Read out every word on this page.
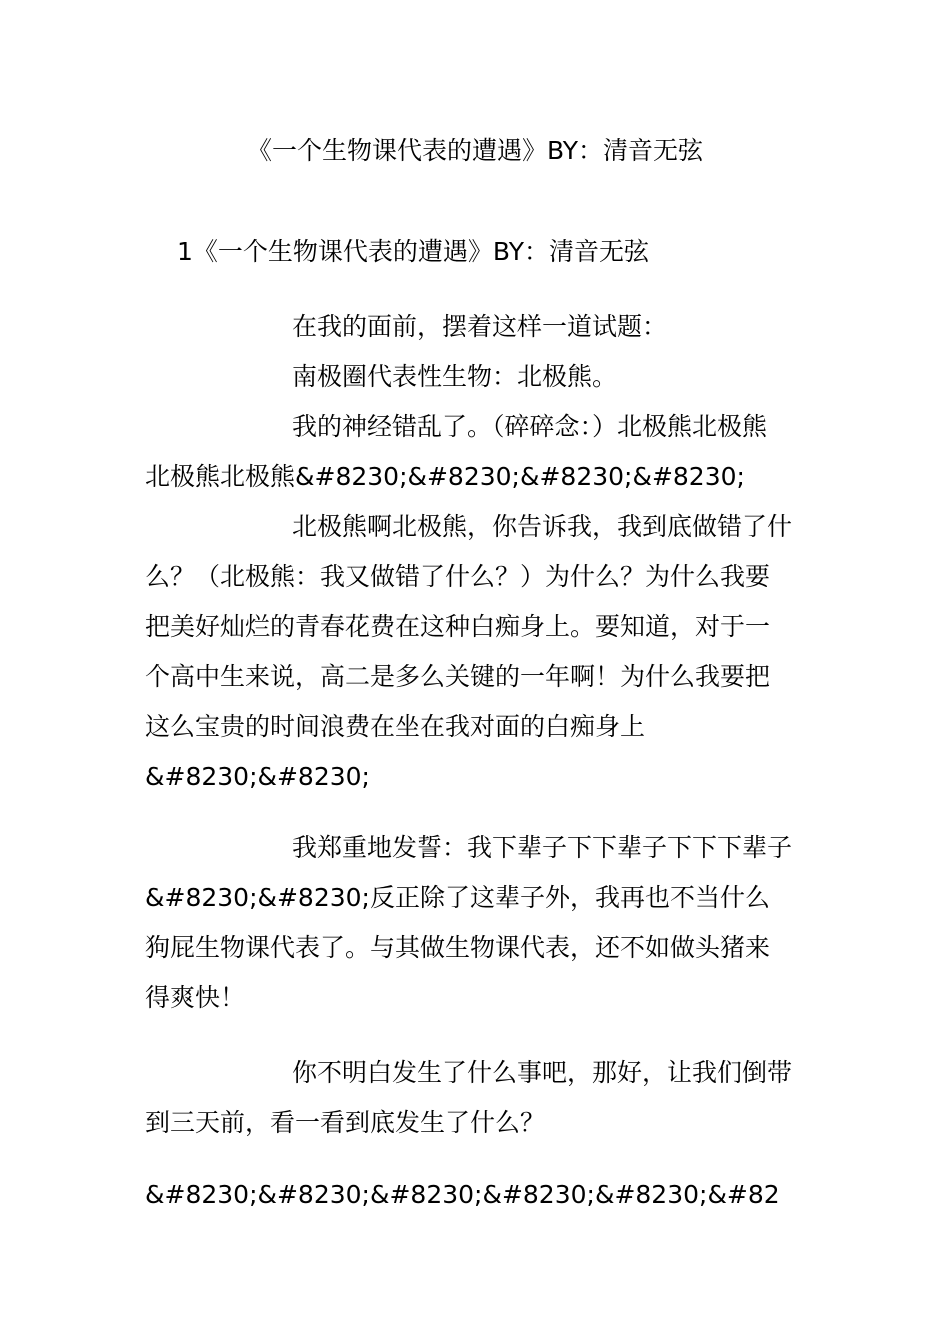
《一个生物课代表的遭遇》BY：清音无弦
1《一个生物课代表的遭遇》BY：清音无弦
在我的面前，摆着这样一道试题：
南极圈代表性生物：北极熊。
我的神经错乱了。（碎碎念：）北极熊北极熊
北极熊北极熊&#8230;&#8230;&#8230;&#8230;
北极熊啊北极熊，你告诉我，我到底做错了什
么？（北极熊：我又做错了什么？）为什么？为什么我要
把美好灿烂的青春花费在这种白痴身上。要知道，对于一
个高中生来说，高二是多么关键的一年啊！为什么我要把
这么宝贵的时间浪费在坐在我对面的白痴身上
&#8230;&#8230;
我郑重地发誓：我下辈子下下辈子下下下辈子
&#8230;&#8230;反正除了这辈子外，我再也不当什么
狗屁生物课代表了。与其做生物课代表，还不如做头猪来
得爽快！
你不明白发生了什么事吧，那好，让我们倒带
到三天前，看一看到底发生了什么？
&#8230;&#8230;&#8230;&#8230;&#8230;&#82
